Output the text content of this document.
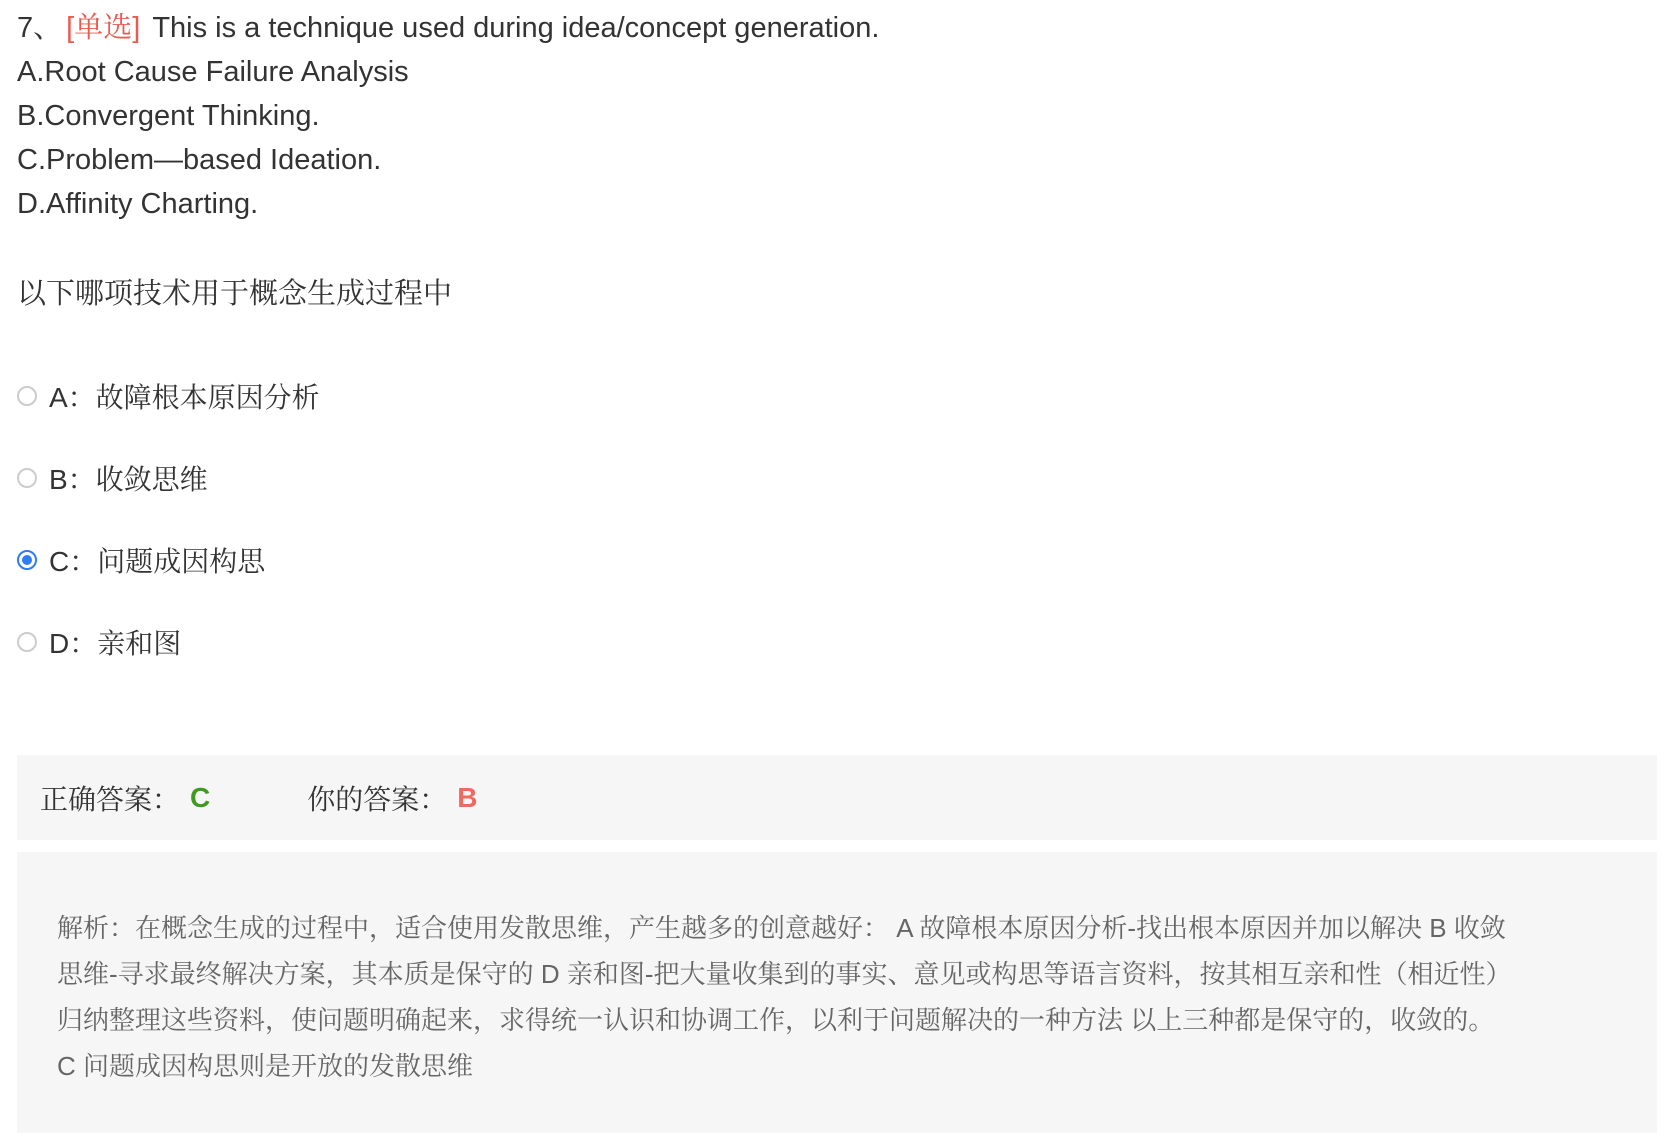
7、 [单选] This is a technique used during idea/concept generation.
A.Root Cause Failure Analysis
B.Convergent Thinking.
C.Problem—based Ideation.
D.Affinity Charting.
以下哪项技术用于概念生成过程中
A：故障根本原因分析
B：收敛思维
C：问题成因构思
D：亲和图
正确答案： C	你的答案： B
解析：在概念生成的过程中，适合使用发散思维，产生越多的创意越好： A 故障根本原因分析-找出根本原因并加以解决 B 收敛思维-寻求最终解决方案，其本质是保守的 D 亲和图-把大量收集到的事实、意见或构思等语言资料，按其相互亲和性（相近性）归纳整理这些资料，使问题明确起来，求得统一认识和协调工作，以利于问题解决的一种方法 以上三种都是保守的，收敛的。 C 问题成因构思则是开放的发散思维
